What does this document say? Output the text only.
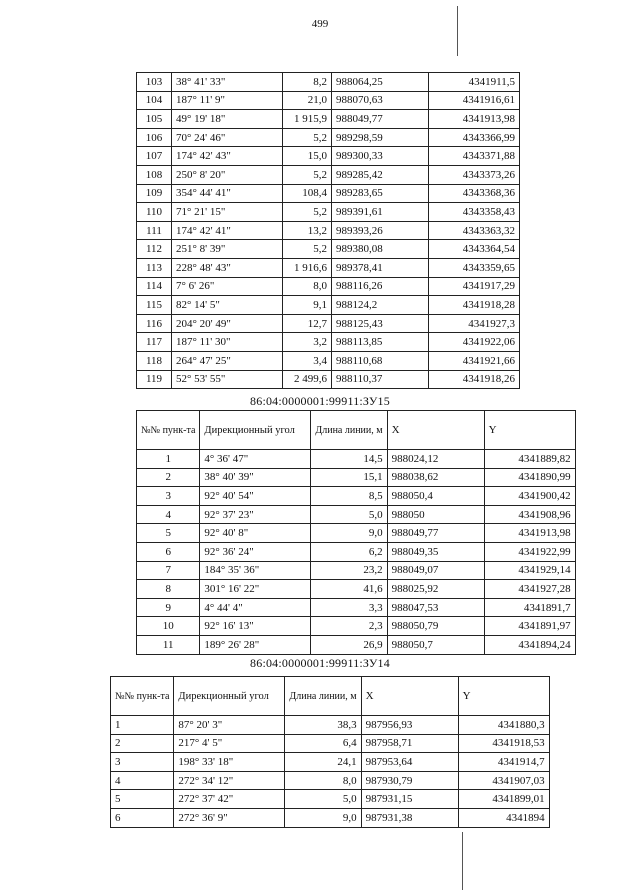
499
103	38° 41' 33"	8,2	988064,25	4341911,5
104	187° 11' 9"	21,0	988070,63	4341916,61
105	49° 19' 18"	1 915,9	988049,77	4341913,98
106	70° 24' 46"	5,2	989298,59	4343366,99
107	174° 42' 43"	15,0	989300,33	4343371,88
108	250° 8' 20"	5,2	989285,42	4343373,26
109	354° 44' 41"	108,4	989283,65	4343368,36
110	71° 21' 15"	5,2	989391,61	4343358,43
111	174° 42' 41"	13,2	989393,26	4343363,32
112	251° 8' 39"	5,2	989380,08	4343364,54
113	228° 48' 43"	1 916,6	989378,41	4343359,65
114	7° 6' 26"	8,0	988116,26	4341917,29
115	82° 14' 5"	9,1	988124,2	4341918,28
116	204° 20' 49"	12,7	988125,43	4341927,3
117	187° 11' 30"	3,2	988113,85	4341922,06
118	264° 47' 25"	3,4	988110,68	4341921,66
119	52° 53' 55"	2 499,6	988110,37	4341918,26
86:04:0000001:99911:ЗУ15
№№ пунк-та	Дирекционный угол	Длина линии, м	X	Y
1	4° 36' 47"	14,5	988024,12	4341889,82
2	38° 40' 39"	15,1	988038,62	4341890,99
3	92° 40' 54"	8,5	988050,4	4341900,42
4	92° 37' 23"	5,0	988050	4341908,96
5	92° 40' 8"	9,0	988049,77	4341913,98
6	92° 36' 24"	6,2	988049,35	4341922,99
7	184° 35' 36"	23,2	988049,07	4341929,14
8	301° 16' 22"	41,6	988025,92	4341927,28
9	4° 44' 4"	3,3	988047,53	4341891,7
10	92° 16' 13"	2,3	988050,79	4341891,97
11	189° 26' 28"	26,9	988050,7	4341894,24
86:04:0000001:99911:ЗУ14
№№ пунк-та	Дирекционный угол	Длина линии, м	X	Y
1	87° 20' 3"	38,3	987956,93	4341880,3
2	217° 4' 5"	6,4	987958,71	4341918,53
3	198° 33' 18"	24,1	987953,64	4341914,7
4	272° 34' 12"	8,0	987930,79	4341907,03
5	272° 37' 42"	5,0	987931,15	4341899,01
6	272° 36' 9"	9,0	987931,38	4341894
